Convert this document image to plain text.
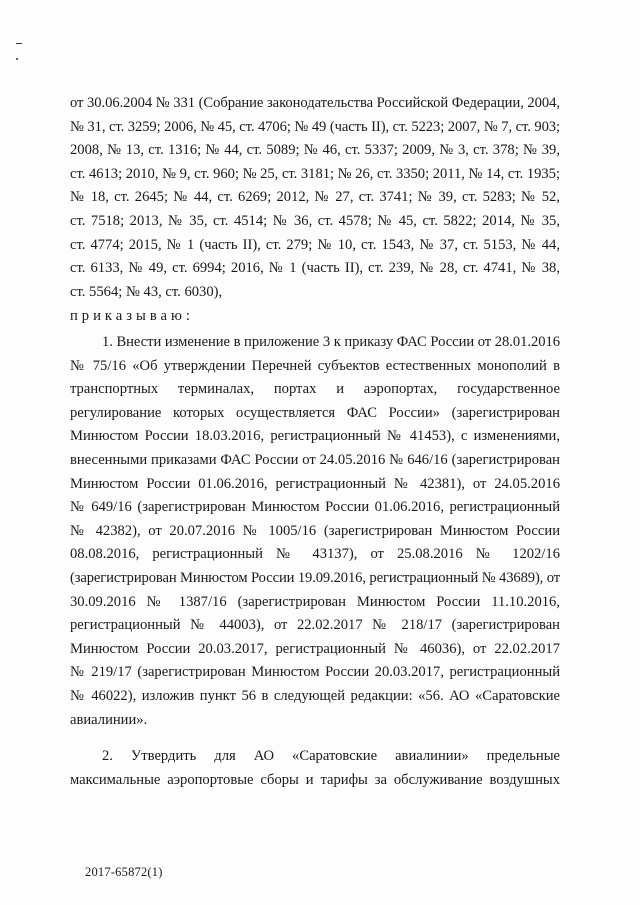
от 30.06.2004 № 331 (Собрание законодательства Российской Федерации, 2004,
№ 31, ст. 3259; 2006, № 45, ст. 4706; № 49 (часть II), ст. 5223; 2007, № 7, ст. 903;
2008, № 13, ст. 1316; № 44, ст. 5089; № 46, ст. 5337; 2009, № 3, ст. 378; № 39,
ст. 4613; 2010, № 9, ст. 960; № 25, ст. 3181; № 26, ст. 3350; 2011, № 14, ст. 1935;
№ 18, ст. 2645; № 44, ст. 6269; 2012, № 27, ст. 3741; № 39, ст. 5283; № 52,
ст. 7518; 2013, № 35, ст. 4514; № 36, ст. 4578; № 45, ст. 5822; 2014, № 35,
ст. 4774; 2015, № 1 (часть II), ст. 279; № 10, ст. 1543, № 37, ст. 5153, № 44,
ст. 6133, № 49, ст. 6994; 2016, № 1 (часть II), ст. 239, № 28, ст. 4741, № 38,
ст. 5564; № 43, ст. 6030),
приказываю:
1. Внести изменение в приложение 3 к приказу ФАС России от 28.01.2016
№ 75/16 «Об утверждении Перечней субъектов естественных монополий в
транспортных терминалах, портах и аэропортах, государственное
регулирование которых осуществляется ФАС России» (зарегистрирован
Минюстом России 18.03.2016, регистрационный № 41453), с изменениями,
внесенными приказами ФАС России от 24.05.2016 № 646/16 (зарегистрирован
Минюстом России 01.06.2016, регистрационный № 42381), от 24.05.2016
№ 649/16 (зарегистрирован Минюстом России 01.06.2016, регистрационный
№ 42382), от 20.07.2016 № 1005/16 (зарегистрирован Минюстом России
08.08.2016, регистрационный № 43137), от 25.08.2016 № 1202/16
(зарегистрирован Минюстом России 19.09.2016, регистрационный № 43689), от
30.09.2016 № 1387/16 (зарегистрирован Минюстом России 11.10.2016,
регистрационный № 44003), от 22.02.2017 № 218/17 (зарегистрирован
Минюстом России 20.03.2017, регистрационный № 46036), от 22.02.2017
№ 219/17 (зарегистрирован Минюстом России 20.03.2017, регистрационный
№ 46022), изложив пункт 56 в следующей редакции: «56. АО «Саратовские
авиалинии».
2. Утвердить для АО «Саратовские авиалинии» предельные
максимальные аэропортовые сборы и тарифы за обслуживание воздушных
2017-65872(1)
